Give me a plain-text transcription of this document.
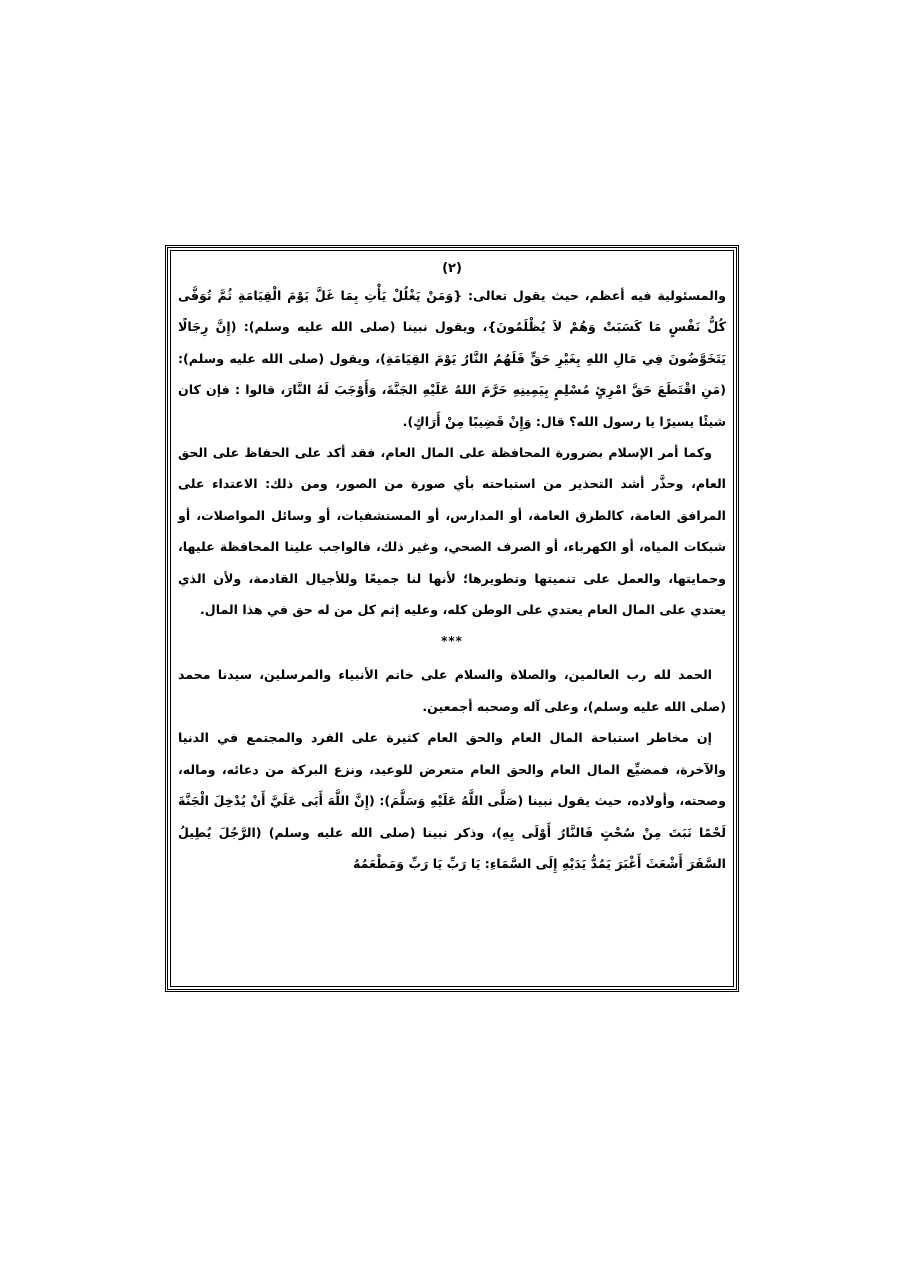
(٢)

والمسئولية فيه أعظم، حيث يقول تعالى: {وَمَنْ يَغْلُلْ يَأْتِ بِمَا غَلَّ يَوْمَ الْقِيَامَةِ ثُمَّ تُوَفَّى كُلُّ نَفْسٍ مَا كَسَبَتْ وَهُمْ لاَ يُظْلَمُونَ}، ويقول نبينا (صلى الله عليه وسلم): (إِنَّ رِجَالًا يَتَخَوَّضُونَ فِي مَالِ اللهِ بِغَيْرِ حَقٍّ فَلَهُمُ النَّارُ يَوْمَ القِيَامَةِ)، ويقول (صلى الله عليه وسلم): (مَنِ اقْتَطَعَ حَقَّ امْرِئٍ مُسْلِمٍ بِيَمِينِهِ حَرَّمَ اللهُ عَلَيْهِ الجَنَّةَ، وَأَوْجَبَ لَهُ النَّارَ، قالوا : فإن كان شيئًا يسيرًا يا رسول الله؟ قال: وَإِنْ قَضِيبًا مِنْ أَرَاكٍ).

وكما أمر الإسلام بضرورة المحافظة على المال العام، فقد أكد على الحفاظ على الحق العام، وحذَّر أشد التحذير من استباحته بأي صورة من الصور، ومن ذلك: الاعتداء على المرافق العامة، كالطرق العامة، أو المدارس، أو المستشفيات، أو وسائل المواصلات، أو شبكات المياه، أو الكهرباء، أو الصرف الصحي، وغير ذلك، فالواجب علينا المحافظة عليها، وحمايتها، والعمل على تنميتها وتطويرها؛ لأنها لنا جميعًا وللأجيال القادمة، ولأن الذي يعتدي على المال العام يعتدي على الوطن كله، وعليه إثم كل من له حق في هذا المال.

***

الحمد لله رب العالمين، والصلاة والسلام على خاتم الأنبياء والمرسلين، سيدنا محمد (صلى الله عليه وسلم)، وعلى آله وصحبه أجمعين.

إن مخاطر استباحة المال العام والحق العام كثيرة على الفرد والمجتمع في الدنيا والآخرة، فمضيِّع المال العام والحق العام متعرض للوعيد، ونزع البركة من دعائه، وماله، وصحته، وأولاده، حيث يقول نبينا (صَلَّى اللَّهُ عَلَيْهِ وَسَلَّمَ): (إِنَّ اللَّهَ أَبَى عَلَيَّ أَنْ يُدْخِلَ الْجَنَّةَ لَحْمًا نَبَتَ مِنْ سُحْتٍ فَالنَّارُ أَوْلَى بِهِ)، وذكر نبينا (صلى الله عليه وسلم) (الرَّجُلَ يُطِيلُ السَّفَرَ أَشْعَثَ أَغْبَرَ يَمُدُّ يَدَيْهِ إِلَى السَّمَاءِ: يَا رَبِّ يَا رَبِّ وَمَطْعَمُهُ
